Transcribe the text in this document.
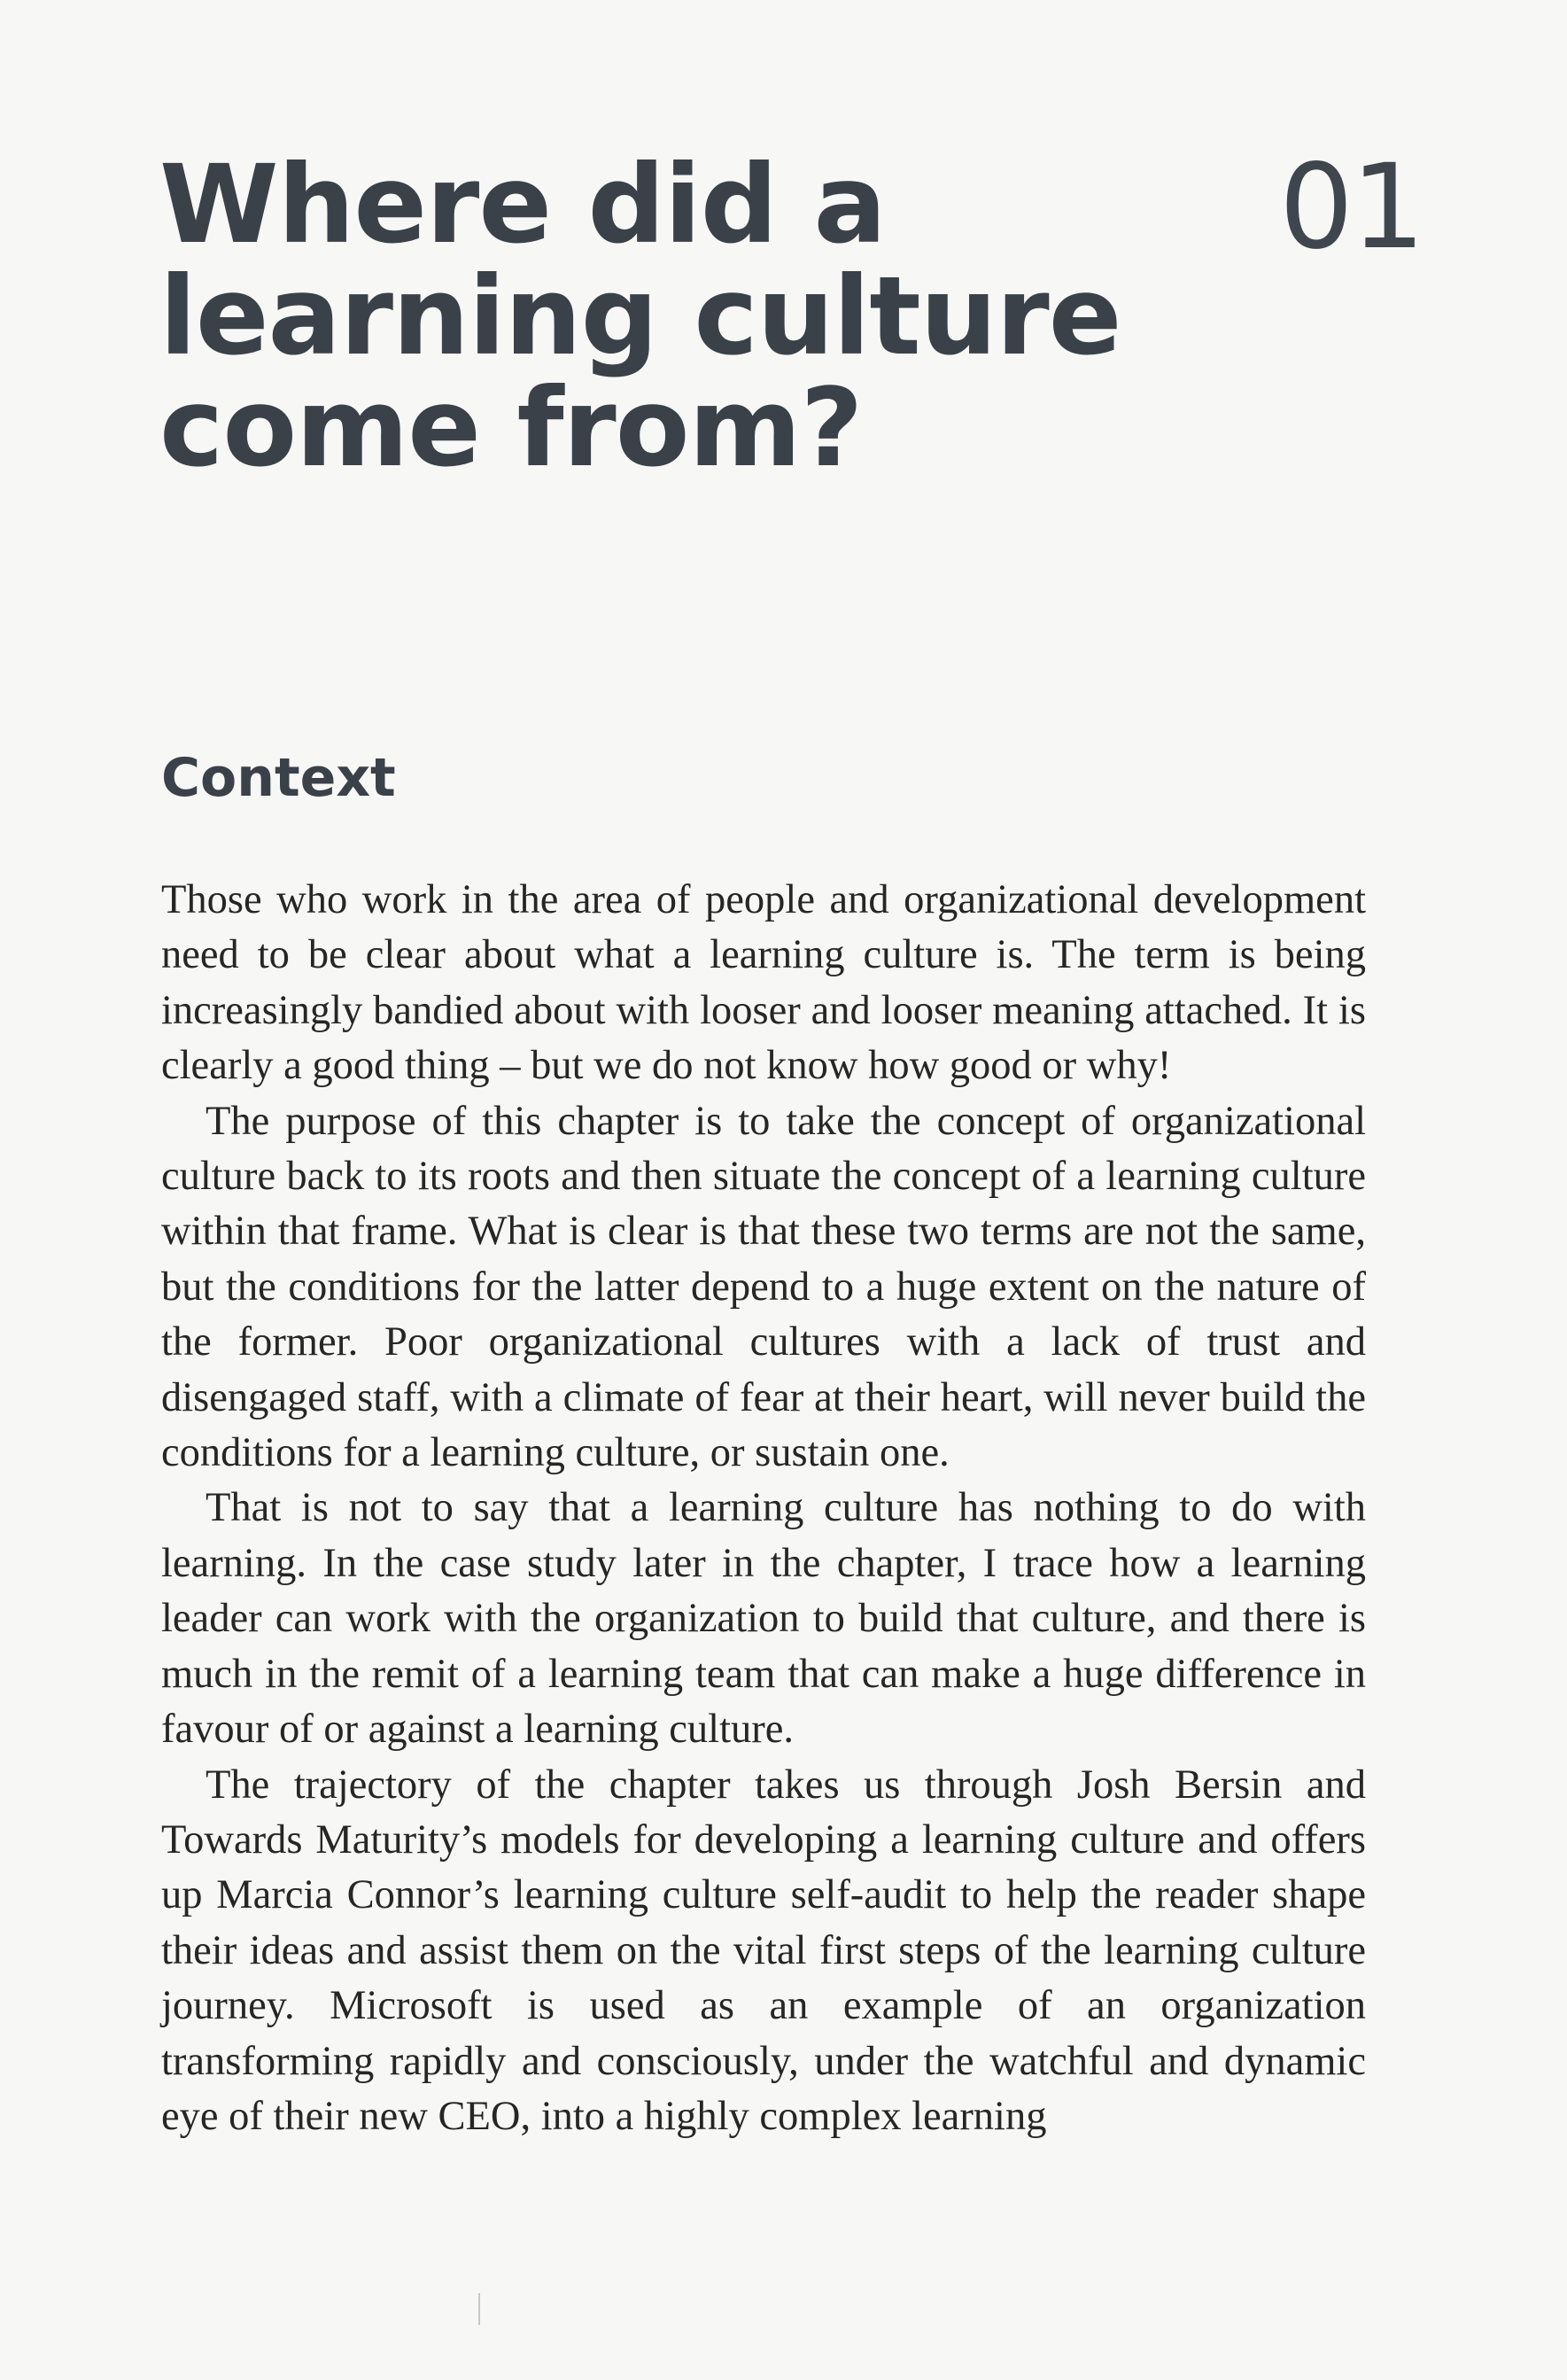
Where did a
learning culture
come from?
01
Context

Those who work in the area of people and organizational development need to be clear about what a learning culture is. The term is being increasingly bandied about with looser and looser meaning attached. It is clearly a good thing – but we do not know how good or why!

The purpose of this chapter is to take the concept of organizational culture back to its roots and then situate the concept of a learning culture within that frame. What is clear is that these two terms are not the same, but the conditions for the latter depend to a huge extent on the nature of the former. Poor organizational cultures with a lack of trust and disengaged staff, with a climate of fear at their heart, will never build the conditions for a learning culture, or sustain one.

That is not to say that a learning culture has nothing to do with learning. In the case study later in the chapter, I trace how a learning leader can work with the organization to build that culture, and there is much in the remit of a learning team that can make a huge difference in favour of or against a learning culture.

The trajectory of the chapter takes us through Josh Bersin and Towards Maturity’s models for developing a learning culture and offers up Marcia Connor’s learning culture self-audit to help the reader shape their ideas and assist them on the vital first steps of the learning culture journey. Microsoft is used as an example of an organization transforming rapidly and consciously, under the watchful and dynamic eye of their new CEO, into a highly complex learning
